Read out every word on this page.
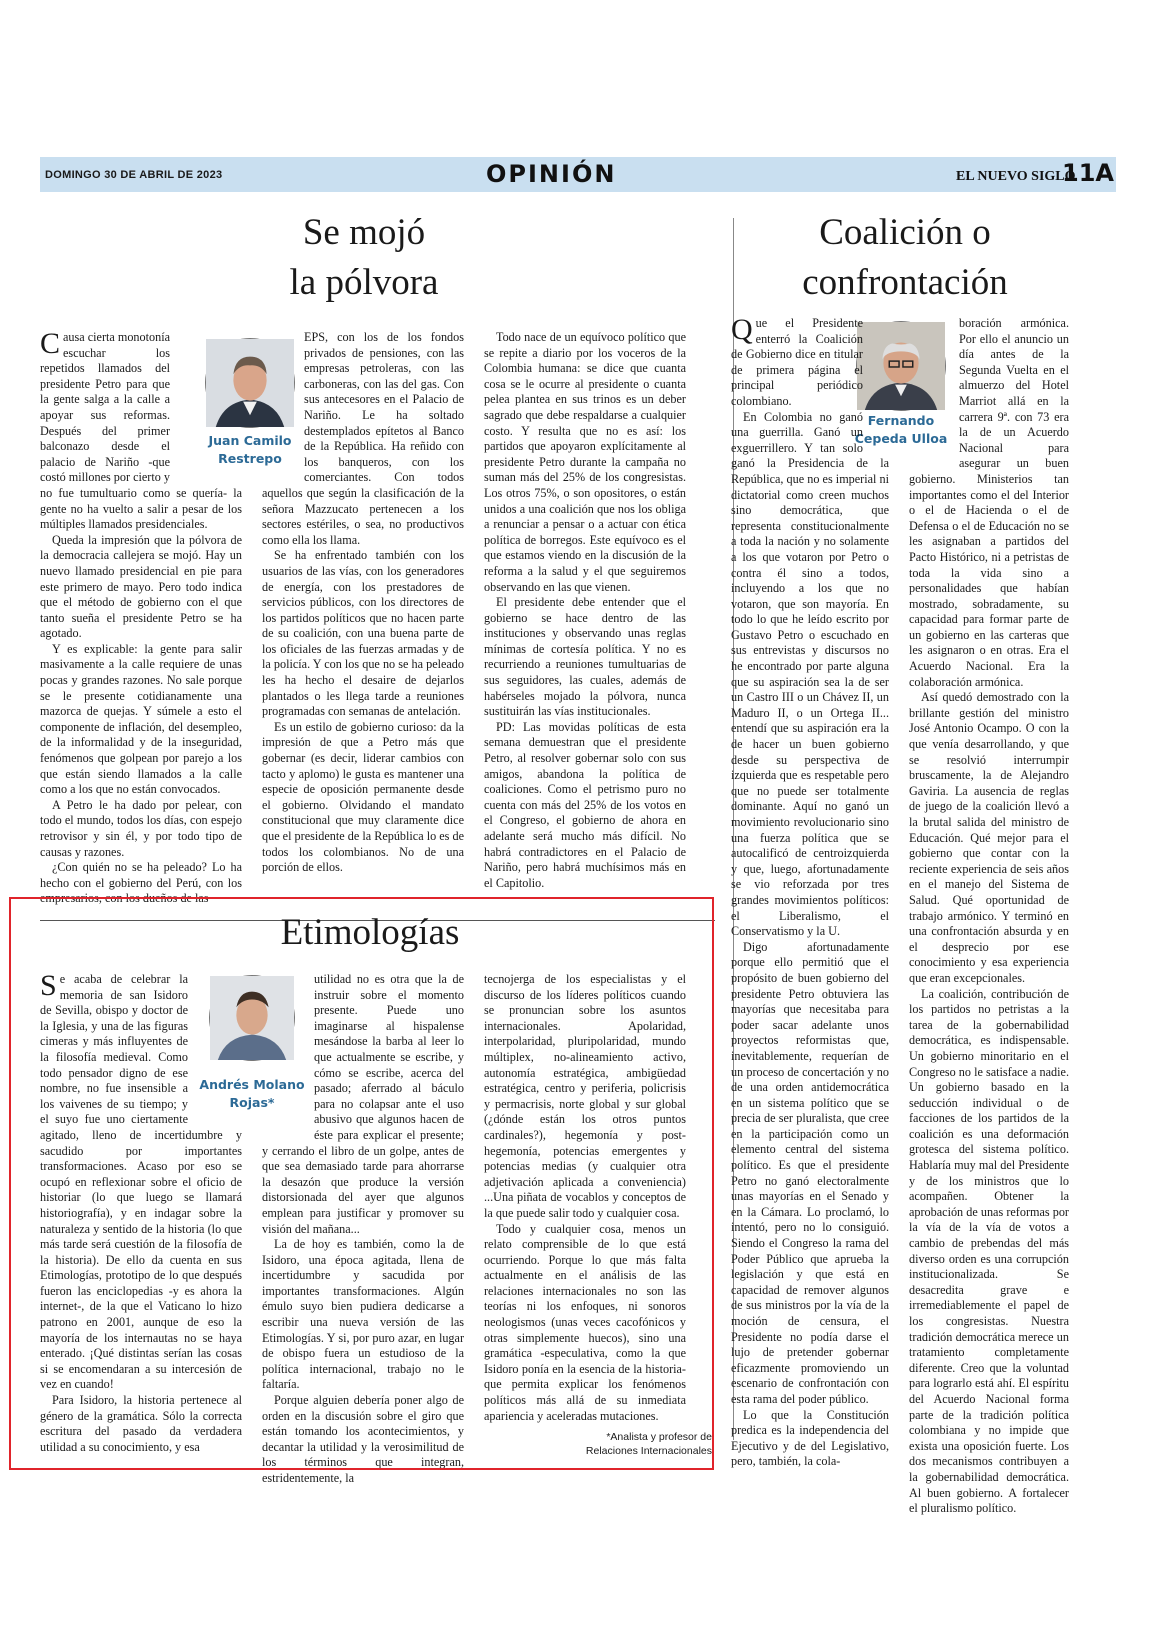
DOMINGO 30 DE ABRIL DE 2023	OPINIÓN	EL NUEVO SIGLO
11A
Se mojó
la pólvora
Juan Camilo
Restrepo

Causa cierta monotonía escuchar los repetidos llamados del presidente Petro para que la gente salga a la calle a apoyar sus reformas. Después del primer balconazo desde el palacio de Nariño -que costó millones por cierto y no fue tumultuario como se quería- la gente no ha vuelto a salir a pesar de los múltiples llamados presidenciales.

Queda la impresión que la pólvora de la democracia callejera se mojó. Hay un nuevo llamado presidencial en pie para este primero de mayo. Pero todo indica que el método de gobierno con el que tanto sueña el presidente Petro se ha agotado.

Y es explicable: la gente para salir masivamente a la calle requiere de unas pocas y grandes razones. No sale porque se le presente cotidianamente una mazorca de quejas. Y súmele a esto el componente de inflación, del desempleo, de la informalidad y de la inseguridad, fenómenos que golpean por parejo a los que están siendo llamados a la calle como a los que no están convocados.

A Petro le ha dado por pelear, con todo el mundo, todos los días, con espejo retrovisor y sin él, y por todo tipo de causas y razones.

¿Con quién no se ha peleado? Lo ha hecho con el gobierno del Perú, con los empresarios, con los dueños de las

EPS, con los de los fondos privados de pensiones, con las empresas petroleras, con las carboneras, con las del gas. Con sus antecesores en el Palacio de Nariño. Le ha soltado destemplados epítetos al Banco de la República. Ha reñido con los banqueros, con los comerciantes. Con todos aquellos que según la clasificación de la señora Mazzucato pertenecen a los sectores estériles, o sea, no productivos como ella los llama.

Se ha enfrentado también con los usuarios de las vías, con los generadores de energía, con los prestadores de servicios públicos, con los directores de los partidos políticos que no hacen parte de su coalición, con una buena parte de los oficiales de las fuerzas armadas y de la policía. Y con los que no se ha peleado les ha hecho el desaire de dejarlos plantados o les llega tarde a reuniones programadas con semanas de antelación.

Es un estilo de gobierno curioso: da la impresión de que a Petro más que gobernar (es decir, liderar cambios con tacto y aplomo) le gusta es mantener una especie de oposición permanente desde el gobierno. Olvidando el mandato constitucional que muy claramente dice que el presidente de la República lo es de todos los colombianos. No de una porción de ellos.

Todo nace de un equívoco político que se repite a diario por los voceros de la Colombia humana: se dice que cuanta cosa se le ocurre al presidente o cuanta pelea plantea en sus trinos es un deber sagrado que debe respaldarse a cualquier costo. Y resulta que no es así: los partidos que apoyaron explícitamente al presidente Petro durante la campaña no suman más del 25% de los congresistas. Los otros 75%, o son opositores, o están unidos a una coalición que nos los obliga a renunciar a pensar o a actuar con ética política de borregos. Este equívoco es el que estamos viendo en la discusión de la reforma a la salud y el que seguiremos observando en las que vienen.

El presidente debe entender que el gobierno se hace dentro de las instituciones y observando unas reglas mínimas de cortesía política. Y no es recurriendo a reuniones tumultuarias de sus seguidores, las cuales, además de habérseles mojado la pólvora, nunca sustituirán las vías institucionales.

PD: Las movidas políticas de esta semana demuestran que el presidente Petro, al resolver gobernar solo con sus amigos, abandona la política de coaliciones. Como el petrismo puro no cuenta con más del 25% de los votos en el Congreso, el gobierno de ahora en adelante será mucho más difícil. No habrá contradictores en el Palacio de Nariño, pero habrá muchísimos más en el Capitolio.

Etimologías
Andrés Molano
Rojas*

Se acaba de celebrar la memoria de san Isidoro de Sevilla, obispo y doctor de la Iglesia, y una de las figuras cimeras y más influyentes de la filosofía medieval. Como todo pensador digno de ese nombre, no fue insensible a los vaivenes de su tiempo; y el suyo fue uno ciertamente agitado, lleno de incertidumbre y sacudido por importantes transformaciones. Acaso por eso se ocupó en reflexionar sobre el oficio de historiar (lo que luego se llamará historiografía), y en indagar sobre la naturaleza y sentido de la historia (lo que más tarde será cuestión de la filosofía de la historia). De ello da cuenta en sus Etimologías, prototipo de lo que después fueron las enciclopedias -y es ahora la internet-, de la que el Vaticano lo hizo patrono en 2001, aunque de eso la mayoría de los internautas no se haya enterado. ¡Qué distintas serían las cosas si se encomendaran a su intercesión de vez en cuando!

Para Isidoro, la historia pertenece al género de la gramática. Sólo la correcta escritura del pasado da verdadera utilidad a su conocimiento, y esa

utilidad no es otra que la de instruir sobre el momento presente. Puede uno imaginarse al hispalense mesándose la barba al leer lo que actualmente se escribe, y cómo se escribe, acerca del pasado; aferrado al báculo para no colapsar ante el uso abusivo que algunos hacen de éste para explicar el presente; y cerrando el libro de un golpe, antes de que sea demasiado tarde para ahorrarse la desazón que produce la versión distorsionada del ayer que algunos emplean para justificar y promover su visión del mañana...

La de hoy es también, como la de Isidoro, una época agitada, llena de incertidumbre y sacudida por importantes transformaciones. Algún émulo suyo bien pudiera dedicarse a escribir una nueva versión de las Etimologías. Y si, por puro azar, en lugar de obispo fuera un estudioso de la política internacional, trabajo no le faltaría.

Porque alguien debería poner algo de orden en la discusión sobre el giro que están tomando los acontecimientos, y decantar la utilidad y la verosimilitud de los términos que integran, estridentemente, la

tecnojerga de los especialistas y el discurso de los líderes políticos cuando se pronuncian sobre los asuntos internacionales. Apolaridad, interpolaridad, pluripolaridad, mundo múltiplex, no-alineamiento activo, autonomía estratégica, ambigüedad estratégica, centro y periferia, policrisis y permacrisis, norte global y sur global (¿dónde están los otros puntos cardinales?), hegemonía y post-hegemonía, potencias emergentes y potencias medias (y cualquier otra adjetivación aplicada a conveniencia) ...Una piñata de vocablos y conceptos de la que puede salir todo y cualquier cosa.

Todo y cualquier cosa, menos un relato comprensible de lo que está ocurriendo. Porque lo que más falta actualmente en el análisis de las relaciones internacionales no son las teorías ni los enfoques, ni sonoros neologismos (unas veces cacofónicos y otras simplemente huecos), sino una gramática -especulativa, como la que Isidoro ponía en la esencia de la historia- que permita explicar los fenómenos políticos más allá de su inmediata apariencia y aceleradas mutaciones.

*Analista y profesor de
Relaciones Internacionales
Coalición o
confrontación
Fernando
Cepeda Ulloa

Que el Presidente enterró la Coalición de Gobierno dice en titular de primera página el principal periódico colombiano.

En Colombia no ganó una guerrilla. Ganó un exguerrillero. Y tan solo ganó la Presidencia de la República, que no es imperial ni dictatorial como creen muchos sino democrática, que representa constitucionalmente a toda la nación y no solamente a los que votaron por Petro o contra él sino a todos, incluyendo a los que no votaron, que son mayoría. En todo lo que he leído escrito por Gustavo Petro o escuchado en sus entrevistas y discursos no he encontrado por parte alguna que su aspiración sea la de ser un Castro III o un Chávez II, un Maduro II, o un Ortega II... entendí que su aspiración era la de hacer un buen gobierno desde su perspectiva de izquierda que es respetable pero que no puede ser totalmente dominante. Aquí no ganó un movimiento revolucionario sino una fuerza política que se autocalificó de centroizquierda y que, luego, afortunadamente se vio reforzada por tres grandes movimientos políticos: el Liberalismo, el Conservatismo y la U.

Digo afortunadamente porque ello permitió que el propósito de buen gobierno del presidente Petro obtuviera las mayorías que necesitaba para poder sacar adelante unos proyectos reformistas que, inevitablemente, requerían de un proceso de concertación y no de una orden antidemocrática en un sistema político que se precia de ser pluralista, que cree en la participación como un elemento central del sistema político. Es que el presidente Petro no ganó electoralmente unas mayorías en el Senado y en la Cámara. Lo proclamó, lo intentó, pero no lo consiguió. Siendo el Congreso la rama del Poder Público que aprueba la legislación y que está en capacidad de remover algunos de sus ministros por la vía de la moción de censura, el Presidente no podía darse el lujo de pretender gobernar eficazmente promoviendo un escenario de confrontación con esta rama del poder público.

Lo que la Constitución predica es la independencia del Ejecutivo y de del Legislativo, pero, también, la cola-

boración armónica. Por ello el anuncio un día antes de la Segunda Vuelta en el almuerzo del Hotel Marriot allá en la carrera 9ª. con 73 era la de un Acuerdo Nacional para asegurar un buen gobierno. Ministerios tan importantes como el del Interior o el de Hacienda o el de Defensa o el de Educación no se les asignaban a partidos del Pacto Histórico, ni a petristas de toda la vida sino a personalidades que habían mostrado, sobradamente, su capacidad para formar parte de un gobierno en las carteras que les asignaron o en otras. Era el Acuerdo Nacional. Era la colaboración armónica.

Así quedó demostrado con la brillante gestión del ministro José Antonio Ocampo. O con la que venía desarrollando, y que se resolvió interrumpir bruscamente, la de Alejandro Gaviria. La ausencia de reglas de juego de la coalición llevó a la brutal salida del ministro de Educación. Qué mejor para el gobierno que contar con la reciente experiencia de seis años en el manejo del Sistema de Salud. Qué oportunidad de trabajo armónico. Y terminó en una confrontación absurda y en el desprecio por ese conocimiento y esa experiencia que eran excepcionales.

La coalición, contribución de los partidos no petristas a la tarea de la gobernabilidad democrática, es indispensable. Un gobierno minoritario en el Congreso no le satisface a nadie. Un gobierno basado en la seducción individual o de facciones de los partidos de la coalición es una deformación grotesca del sistema político. Hablaría muy mal del Presidente y de los ministros que lo acompañen. Obtener la aprobación de unas reformas por la vía de la vía de votos a cambio de prebendas del más diverso orden es una corrupción institucionalizada. Se desacredita grave e irremediablemente el papel de los congresistas. Nuestra tradición democrática merece un tratamiento completamente diferente. Creo que la voluntad para lograrlo está ahí. El espíritu del Acuerdo Nacional forma parte de la tradición política colombiana y no impide que exista una oposición fuerte. Los dos mecanismos contribuyen a la gobernabilidad democrática. Al buen gobierno. A fortalecer el pluralismo político.
